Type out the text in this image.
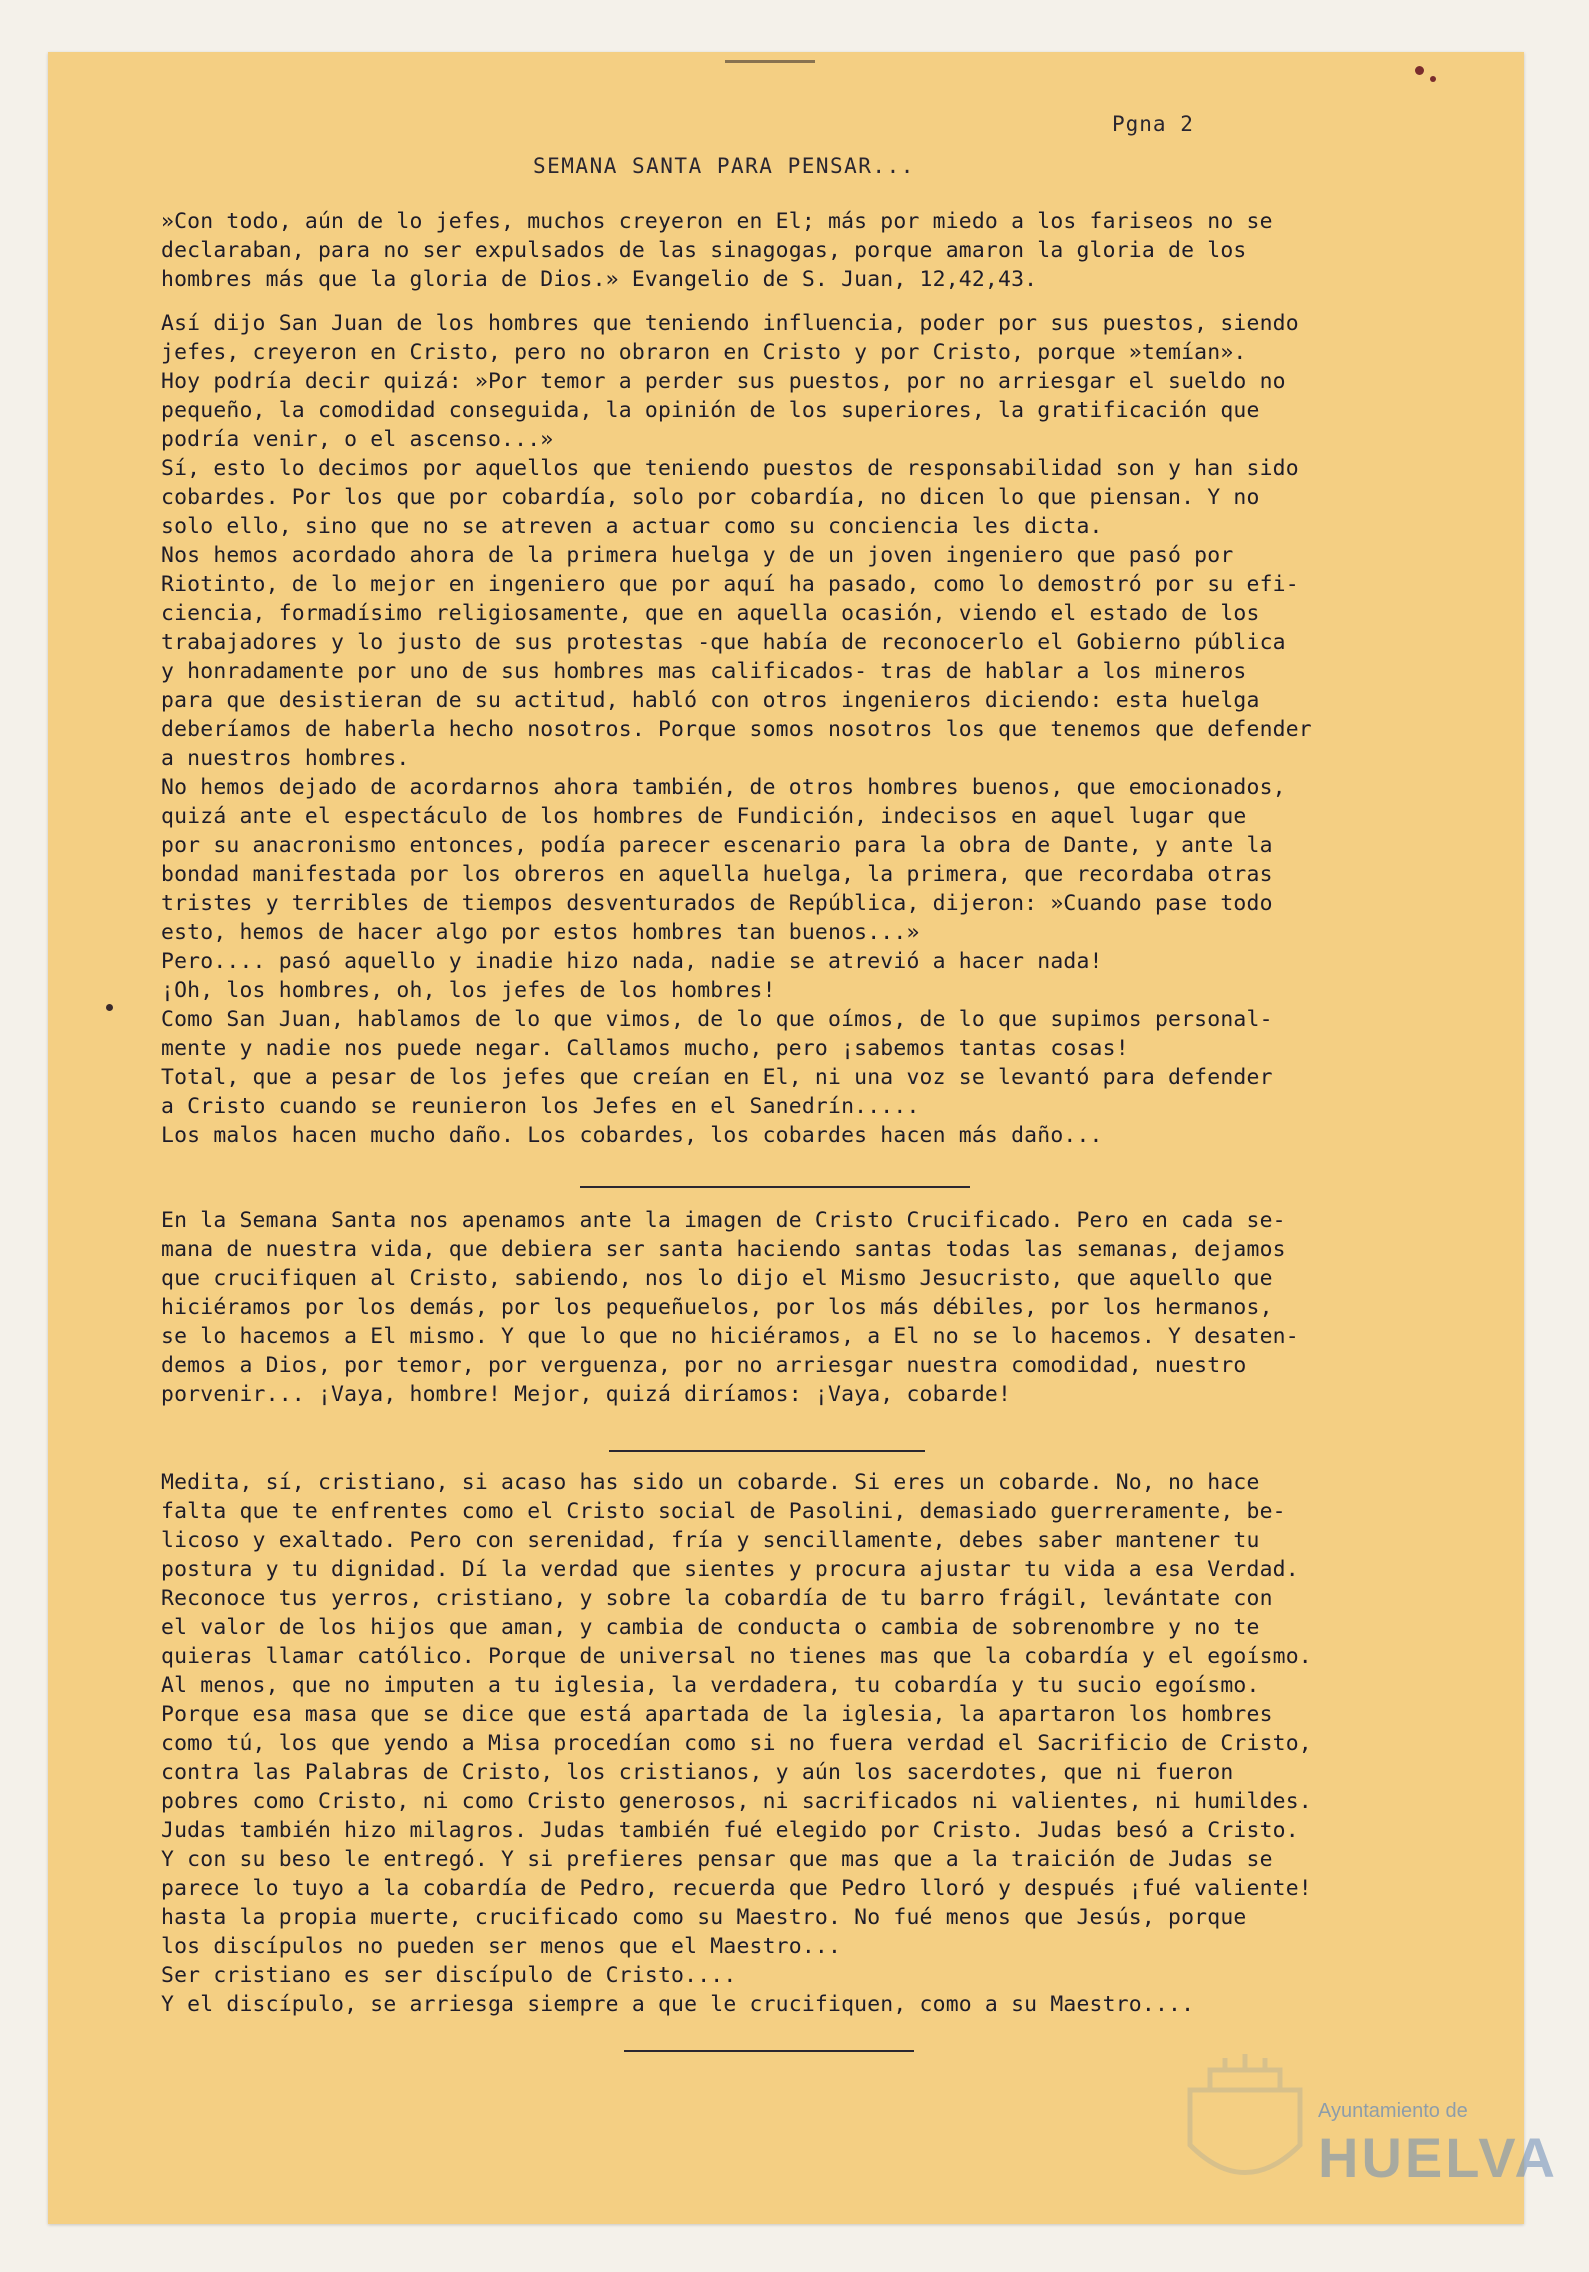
Pgna 2
SEMANA SANTA PARA PENSAR...
»Con todo, aún de lo jefes, muchos creyeron en El; más por miedo a los fariseos no se
declaraban, para no ser expulsados de las sinagogas, porque amaron la gloria de los
hombres más que la gloria de Dios.» Evangelio de S. Juan, 12,42,43.
Así dijo San Juan de los hombres que teniendo influencia, poder por sus puestos, siendo
jefes, creyeron en Cristo, pero no obraron en Cristo y por Cristo, porque »temían».
Hoy podría decir quizá: »Por temor a perder sus puestos, por no arriesgar el sueldo no
pequeño, la comodidad conseguida, la opinión de los superiores, la gratificación que
podría venir, o el ascenso...»
Sí, esto lo decimos por aquellos que teniendo puestos de responsabilidad son y han sido
cobardes. Por los que por cobardía, solo por cobardía, no dicen lo que piensan. Y no
solo ello, sino que no se atreven a actuar como su conciencia les dicta.
Nos hemos acordado ahora de la primera huelga y de un joven ingeniero que pasó por
Riotinto, de lo mejor en ingeniero que por aquí ha pasado, como lo demostró por su efi-
ciencia, formadísimo religiosamente, que en aquella ocasión, viendo el estado de los
trabajadores y lo justo de sus protestas -que había de reconocerlo el Gobierno pública
y honradamente por uno de sus hombres mas calificados- tras de hablar a los mineros
para que desistieran de su actitud, habló con otros ingenieros diciendo: esta huelga
deberíamos de haberla hecho nosotros. Porque somos nosotros los que tenemos que defender
a nuestros hombres.
No hemos dejado de acordarnos ahora también, de otros hombres buenos, que emocionados,
quizá ante el espectáculo de los hombres de Fundición, indecisos en aquel lugar que
por su anacronismo entonces, podía parecer escenario para la obra de Dante, y ante la
bondad manifestada por los obreros en aquella huelga, la primera, que recordaba otras
tristes y terribles de tiempos desventurados de República, dijeron: »Cuando pase todo
esto, hemos de hacer algo por estos hombres tan buenos...»
Pero.... pasó aquello y inadie hizo nada, nadie se atrevió a hacer nada!
¡Oh, los hombres, oh, los jefes de los hombres!
Como San Juan, hablamos de lo que vimos, de lo que oímos, de lo que supimos personal-
mente y nadie nos puede negar. Callamos mucho, pero ¡sabemos tantas cosas!
Total, que a pesar de los jefes que creían en El, ni una voz se levantó para defender
a Cristo cuando se reunieron los Jefes en el Sanedrín.....
Los malos hacen mucho daño. Los cobardes, los cobardes hacen más daño...
En la Semana Santa nos apenamos ante la imagen de Cristo Crucificado. Pero en cada se-
mana de nuestra vida, que debiera ser santa haciendo santas todas las semanas, dejamos
que crucifiquen al Cristo, sabiendo, nos lo dijo el Mismo Jesucristo, que aquello que
hiciéramos por los demás, por los pequeñuelos, por los más débiles, por los hermanos,
se lo hacemos a El mismo. Y que lo que no hiciéramos, a El no se lo hacemos. Y desaten-
demos a Dios, por temor, por verguenza, por no arriesgar nuestra comodidad, nuestro
porvenir... ¡Vaya, hombre! Mejor, quizá diríamos: ¡Vaya, cobarde!
Medita, sí, cristiano, si acaso has sido un cobarde. Si eres un cobarde. No, no hace
falta que te enfrentes como el Cristo social de Pasolini, demasiado guerreramente, be-
licoso y exaltado. Pero con serenidad, fría y sencillamente, debes saber mantener tu
postura y tu dignidad. Dí la verdad que sientes y procura ajustar tu vida a esa Verdad.
Reconoce tus yerros, cristiano, y sobre la cobardía de tu barro frágil, levántate con
el valor de los hijos que aman, y cambia de conducta o cambia de sobrenombre y no te
quieras llamar católico. Porque de universal no tienes mas que la cobardía y el egoísmo.
Al menos, que no imputen a tu iglesia, la verdadera, tu cobardía y tu sucio egoísmo.
Porque esa masa que se dice que está apartada de la iglesia, la apartaron los hombres
como tú, los que yendo a Misa procedían como si no fuera verdad el Sacrificio de Cristo,
contra las Palabras de Cristo, los cristianos, y aún los sacerdotes, que ni fueron
pobres como Cristo, ni como Cristo generosos, ni sacrificados ni valientes, ni humildes.
Judas también hizo milagros. Judas también fué elegido por Cristo. Judas besó a Cristo.
Y con su beso le entregó. Y si prefieres pensar que mas que a la traición de Judas se
parece lo tuyo a la cobardía de Pedro, recuerda que Pedro lloró y después ¡fué valiente!
hasta la propia muerte, crucificado como su Maestro. No fué menos que Jesús, porque
los discípulos no pueden ser menos que el Maestro...
Ser cristiano es ser discípulo de Cristo....
Y el discípulo, se arriesga siempre a que le crucifiquen, como a su Maestro....
Ayuntamiento de
HUELVA
